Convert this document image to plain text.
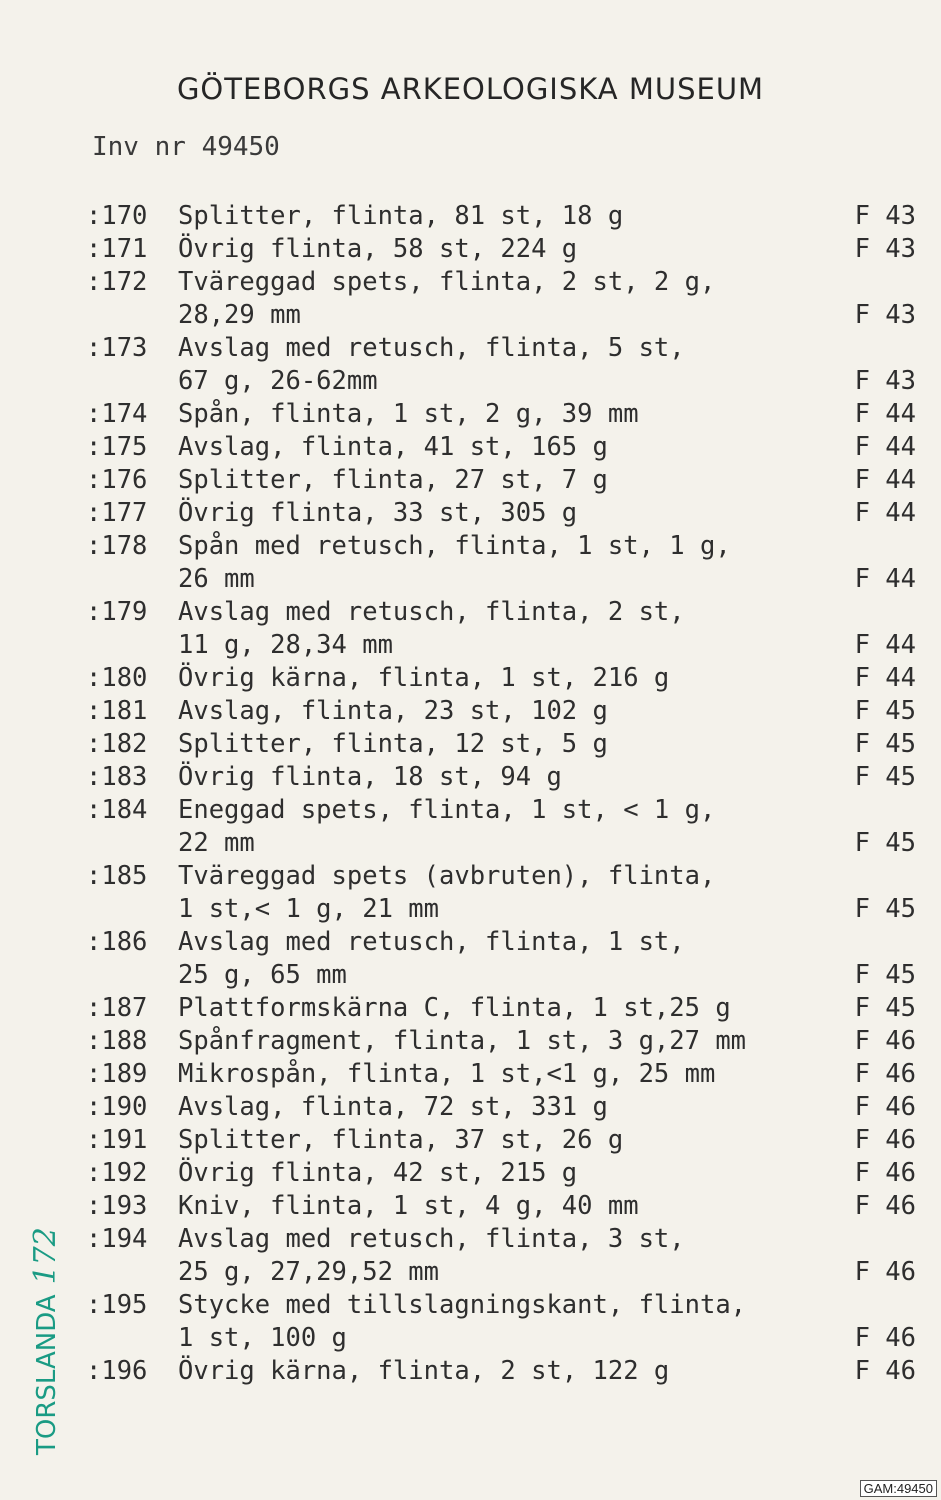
GÖTEBORGS ARKEOLOGISKA MUSEUM
Inv nr 49450
:170	Splitter, flinta, 81 st, 18 g	F 43
:171	Övrig flinta, 58 st, 224 g	F 43
:172	Tväreggad spets, flinta, 2 st, 2 g,
28,29 mm	F 43
:173	Avslag med retusch, flinta, 5 st,
67 g, 26-62mm	F 43
:174	Spån, flinta, 1 st, 2 g, 39 mm	F 44
:175	Avslag, flinta, 41 st, 165 g	F 44
:176	Splitter, flinta, 27 st, 7 g	F 44
:177	Övrig flinta, 33 st, 305 g	F 44
:178	Spån med retusch, flinta, 1 st, 1 g,
26 mm	F 44
:179	Avslag med retusch, flinta, 2 st,
11 g, 28,34 mm	F 44
:180	Övrig kärna, flinta, 1 st, 216 g	F 44
:181	Avslag, flinta, 23 st, 102 g	F 45
:182	Splitter, flinta, 12 st, 5 g	F 45
:183	Övrig flinta, 18 st, 94 g	F 45
:184	Eneggad spets, flinta, 1 st, < 1 g,
22 mm	F 45
:185	Tväreggad spets (avbruten), flinta,
1 st,< 1 g, 21 mm	F 45
:186	Avslag med retusch, flinta, 1 st,
25 g, 65 mm	F 45
:187	Plattformskärna C, flinta, 1 st,25 g	F 45
:188	Spånfragment, flinta, 1 st, 3 g,27 mm	F 46
:189	Mikrospån, flinta, 1 st,<1 g, 25 mm	F 46
:190	Avslag, flinta, 72 st, 331 g	F 46
:191	Splitter, flinta, 37 st, 26 g	F 46
:192	Övrig flinta, 42 st, 215 g	F 46
:193	Kniv, flinta, 1 st, 4 g, 40 mm	F 46
:194	Avslag med retusch, flinta, 3 st,
25 g, 27,29,52 mm	F 46
:195	Stycke med tillslagningskant, flinta,
1 st, 100 g	F 46
:196	Övrig kärna, flinta, 2 st, 122 g	F 46
TORSLANDA172
GAM:49450
